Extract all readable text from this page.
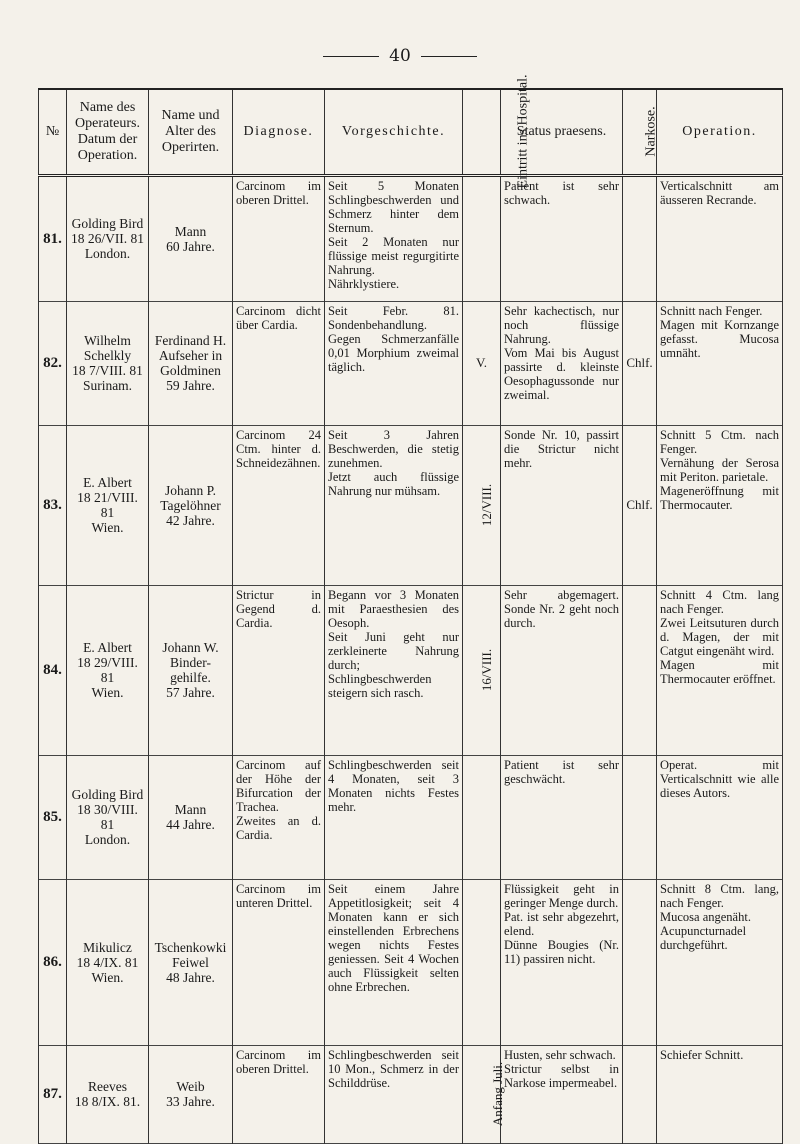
40
№	Name des Operateurs. Datum der Operation.	Name und Alter des Operirten.	Diagnose.	Vorgeschichte.	Eintritt ins Hospital.	Status praesens.	Narkose.	Operation.
81.	Golding Bird
18 26/VII. 81
London.	Mann
60 Jahre.	Carcinom im oberen Drittel.	Seit 5 Monaten Schlingbeschwerden und Schmerz hinter dem Sternum.
Seit 2 Monaten nur flüssige meist regurgitirte Nahrung.
Nährklystiere.		Patient ist sehr schwach.		Verticalschnitt am äusseren Recrande.
82.	Wilhelm Schelkly
18 7/VIII. 81
Surinam.	Ferdinand H.
Aufseher in Goldminen
59 Jahre.	Carcinom dicht über Cardia.	Seit Febr. 81. Sondenbehandlung.
Gegen Schmerzanfälle 0,01 Morphium zweimal täglich.	V.	Sehr kachectisch, nur noch flüssige Nahrung.
Vom Mai bis August passirte d. kleinste Oesophagussonde nur zweimal.	Chlf.	Schnitt nach Fenger.
Magen mit Kornzange gefasst. Mucosa umnäht.
83.	E. Albert
18 21/VIII. 81
Wien.	Johann P.
Tagelöhner
42 Jahre.	Carcinom 24 Ctm. hinter d. Schneidezähnen.	Seit 3 Jahren Beschwerden, die stetig zunehmen.
Jetzt auch flüssige Nahrung nur mühsam.	12/VIII.	Sonde Nr. 10, passirt die Strictur nicht mehr.	Chlf.	Schnitt 5 Ctm. nach Fenger.
Vernähung der Serosa mit Periton. parietale.
Mageneröffnung mit Thermocauter.
84.	E. Albert
18 29/VIII. 81
Wien.	Johann W.
Binder-gehilfe.
57 Jahre.	Strictur in Gegend d. Cardia.	Begann vor 3 Monaten mit Paraesthesien des Oesoph.
Seit Juni geht nur zerkleinerte Nahrung durch; Schlingbeschwerden steigern sich rasch.	16/VIII.	Sehr abgemagert. Sonde Nr. 2 geht noch durch.		Schnitt 4 Ctm. lang nach Fenger.
Zwei Leitsuturen durch d. Magen, der mit Catgut eingenäht wird.
Magen mit Thermocauter eröffnet.
85.	Golding Bird
18 30/VIII. 81
London.	Mann
44 Jahre.	Carcinom auf der Höhe der Bifurcation der Trachea.
Zweites an d. Cardia.	Schlingbeschwerden seit 4 Monaten, seit 3 Monaten nichts Festes mehr.		Patient ist sehr geschwächt.		Operat. mit Verticalschnitt wie alle dieses Autors.
86.	Mikulicz
18 4/IX. 81
Wien.	Tschenkowki
Feiwel
48 Jahre.	Carcinom im unteren Drittel.	Seit einem Jahre Appetitlosigkeit; seit 4 Monaten kann er sich einstellenden Erbrechens wegen nichts Festes geniessen. Seit 4 Wochen auch Flüssigkeit selten ohne Erbrechen.		Flüssigkeit geht in geringer Menge durch.
Pat. ist sehr abgezehrt, elend.
Dünne Bougies (Nr. 11) passiren nicht.		Schnitt 8 Ctm. lang, nach Fenger.
Mucosa angenäht.
Acupuncturnadel durchgeführt.
87.	Reeves
18 8/IX. 81.	Weib
33 Jahre.	Carcinom im oberen Drittel.	Schlingbeschwerden seit 10 Mon., Schmerz in der Schilddrüse.	Anfang Juli.	Husten, sehr schwach.
Strictur selbst in Narkose impermeabel.		Schiefer Schnitt.
